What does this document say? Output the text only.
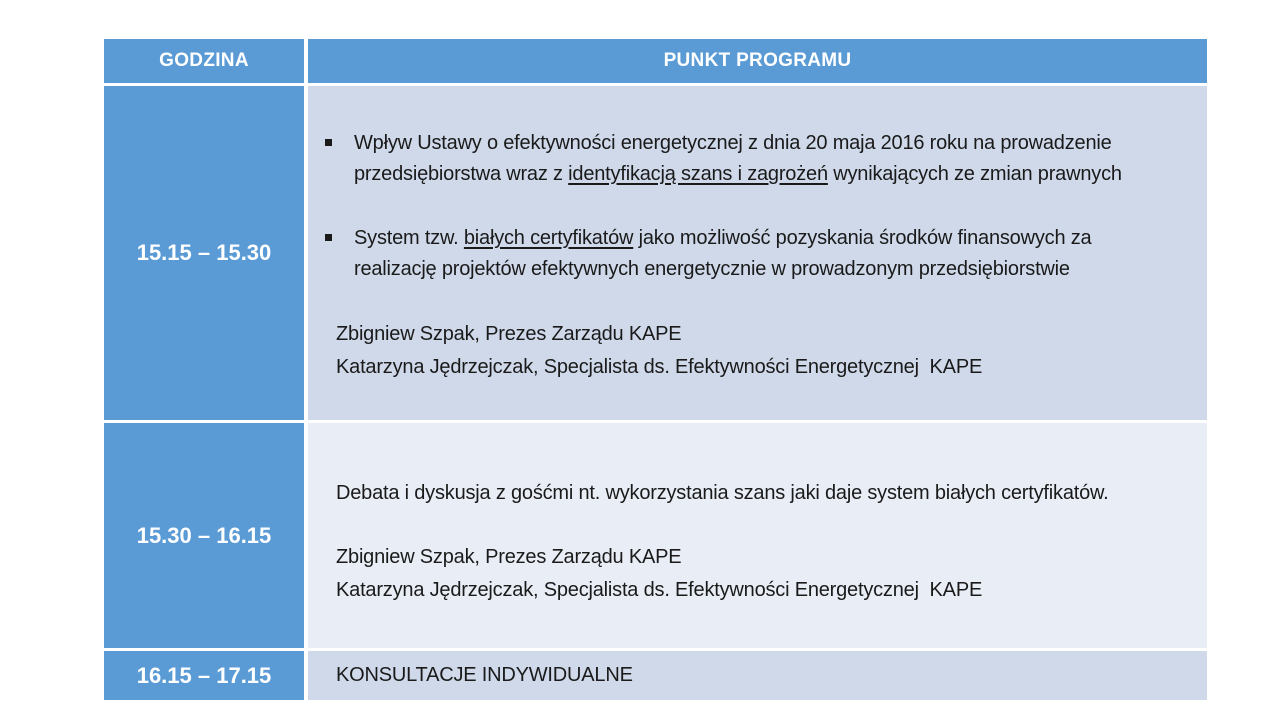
GODZINA	PUNKT PROGRAMU
15.15 – 15.30
Wpływ Ustawy o efektywności energetycznej z dnia 20 maja 2016 roku na prowadzenie
przedsiębiorstwa wraz z identyfikacją szans i zagrożeń wynikających ze zmian prawnych
System tzw. białych certyfikatów jako możliwość pozyskania środków finansowych za
realizację projektów efektywnych energetycznie w prowadzonym przedsiębiorstwie
Zbigniew Szpak, Prezes Zarządu KAPE
Katarzyna Jędrzejczak, Specjalista ds. Efektywności Energetycznej  KAPE
15.30 – 16.15
Debata i dyskusja z gośćmi nt. wykorzystania szans jaki daje system białych certyfikatów.
Zbigniew Szpak, Prezes Zarządu KAPE
Katarzyna Jędrzejczak, Specjalista ds. Efektywności Energetycznej  KAPE
16.15 – 17.15	KONSULTACJE INDYWIDUALNE
